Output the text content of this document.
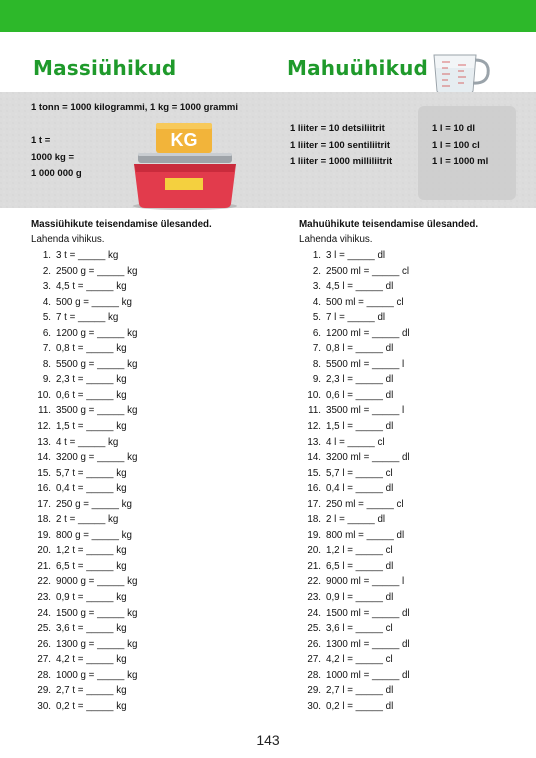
Massiühikud	Mahuühikud
1 tonn = 1000 kilogrammi, 1 kg = 1000 grammi
1 t =
1000 kg =
1 000 000 g
KG
1 liiter = 10 detsiliitrit
1 liiter = 100 sentiliitrit
1 liiter = 1000 milliliitrit
1 l = 10 dl
1 l = 100 cl
1 l = 1000 ml
Massiühikute teisendamise ülesanded.
Lahenda vihikus.
Mahuühikute teisendamise ülesanded.
Lahenda vihikus.
1. 3 t = _____ kg
2. 2500 g = _____ kg
3. 4,5 t = _____ kg
4. 500 g = _____ kg
5. 7 t = _____ kg
6. 1200 g = _____ kg
7. 0,8 t = _____ kg
8. 5500 g = _____ kg
9. 2,3 t = _____ kg
10. 0,6 t = _____ kg
11. 3500 g = _____ kg
12. 1,5 t = _____ kg
13. 4 t = _____ kg
14. 3200 g = _____ kg
15. 5,7 t = _____ kg
16. 0,4 t = _____ kg
17. 250 g = _____ kg
18. 2 t = _____ kg
19. 800 g = _____ kg
20. 1,2 t = _____ kg
21. 6,5 t = _____ kg
22. 9000 g = _____ kg
23. 0,9 t = _____ kg
24. 1500 g = _____ kg
25. 3,6 t = _____ kg
26. 1300 g = _____ kg
27. 4,2 t = _____ kg
28. 1000 g = _____ kg
29. 2,7 t = _____ kg
30. 0,2 t = _____ kg
1. 3 l = _____ dl
2. 2500 ml = _____ cl
3. 4,5 l = _____ dl
4. 500 ml = _____ cl
5. 7 l = _____ dl
6. 1200 ml = _____ dl
7. 0,8 l = _____ dl
8. 5500 ml = _____ l
9. 2,3 l = _____ dl
10. 0,6 l = _____ dl
11. 3500 ml = _____ l
12. 1,5 l = _____ dl
13. 4 l = _____ cl
14. 3200 ml = _____ dl
15. 5,7 l = _____ cl
16. 0,4 l = _____ dl
17. 250 ml = _____ cl
18. 2 l = _____ dl
19. 800 ml = _____ dl
20. 1,2 l = _____ cl
21. 6,5 l = _____ dl
22. 9000 ml = _____ l
23. 0,9 l = _____ dl
24. 1500 ml = _____ dl
25. 3,6 l = _____ cl
26. 1300 ml = _____ dl
27. 4,2 l = _____ cl
28. 1000 ml = _____ dl
29. 2,7 l = _____ dl
30. 0,2 l = _____ dl
143
